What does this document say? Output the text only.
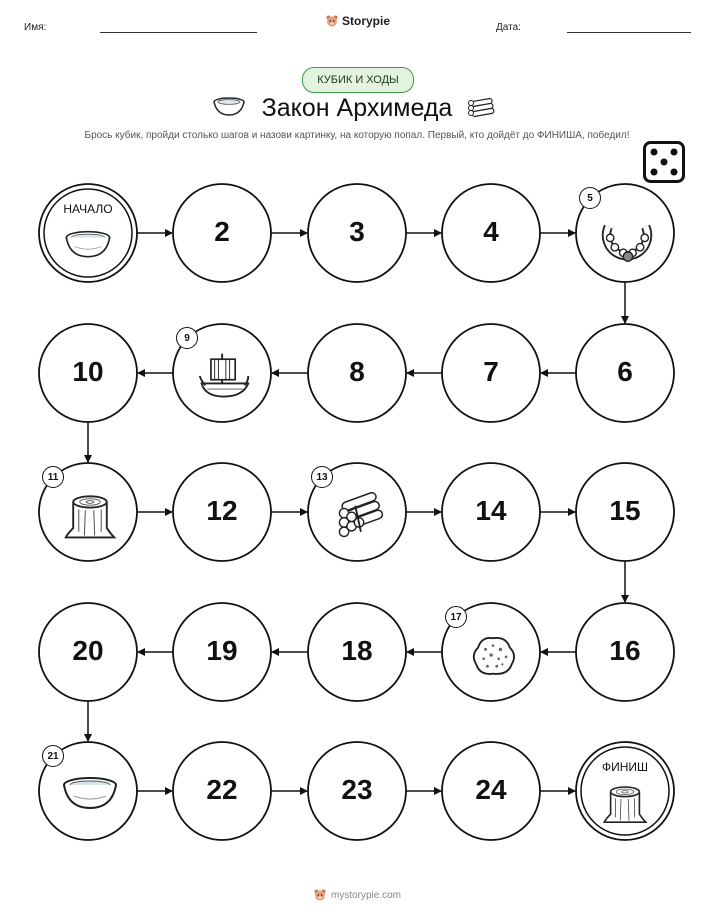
Имя:	Storypie	Дата:
КУБИК И ХОДЫ
Закон Архимеда
Брось кубик, пройди столько шагов и назови картинку, на которую попал. Первый, кто дойдёт до ФИНИША, победил!
НАЧАЛО
2	3	4
5
6
7
8
9
10
11
12
13
14	15
16
17
18
19
20
21
22	23	24
ФИНИШ
mystorypie.com
